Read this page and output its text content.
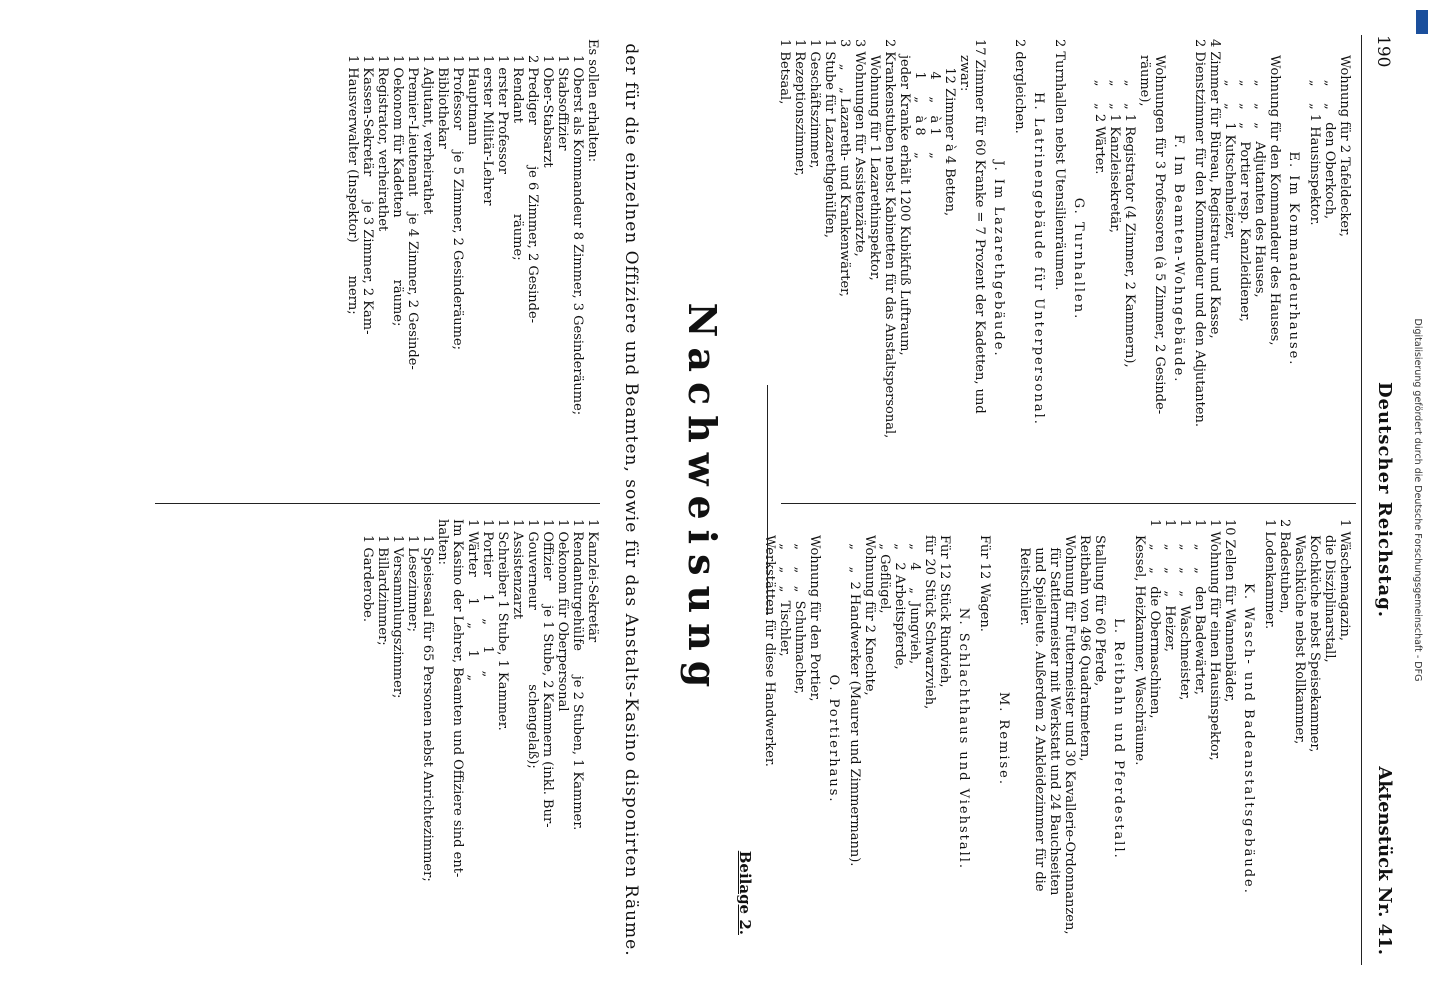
190
Deutscher Reichstag.
Aktenstück Nr. 41.
Wohnung für 2 Tafeldecker,
„    „   den Oberkoch,
„    „ 1 Hausinspektor.
E. Im Kommandeurhause.
Wohnung für den Kommandeur des Hauses,
„    „   „   Adjutanten des Hauses,
„    „   „   Portier resp. Kanzleidiener,
„    „   1 Kutschenheizer,
4 Zimmer für Büreau, Registratur und Kasse,
2 Dienstzimmer für den Kommandeur und den Adjutanten.
F. Im Beamten-Wohngebäude.
Wohnungen für 3 Professoren (à 5 Zimmer, 2 Gesinde-
räume),
„    „ 1 Registrator (4 Zimmer, 2 Kammern),
„    „ 1 Kanzleisekretär,
„    „ 2 Wärter.
G. Turnhallen.
2 Turnhallen nebst Utensilienräumen.
H. Latrinengebäude für Unterpersonal.
2 dergleichen.
J. Im Lazarethgebäude.
17 Zimmer für 60 Kranke = 7 Prozent der Kadetten, und
zwar:
12 Zimmer à 4 Betten,
4    „   à 1    „
1    „   à 8    „
jeder Kranke erhält 1200 Kubikfuß Luftraum,
2 Krankenstuben nebst Kabinetten für das Anstaltspersonal,
Wohnung für 1 Lazarethinspektor,
3 Wohnungen für Assistenzärzte,
3    „    „ Lazareth- und Krankenwärter,
1 Stube für Lazarethgehülfen,
1 Geschäftszimmer,
1 Rezeptionszimmer,
1 Betsaal,
1 Wäschemagazin,
die Disziplinarstall,
Kochküche nebst Speisekammer,
Waschküche nebst Rollkammer,
2 Badestuben,
1 Lodenkammer.
K. Wasch- und Badeanstaltsgebäude.
10 Zellen für Wannenbäder,
1 Wohnung für einen Hausinspektor,
1    „    „   den Badewärter,
1    „    „    „  Waschmeister,
1    „    „    „  Heizer,
1    „    „   die Obermaschinen,
Kessel, Heizkammer, Waschräume.
L. Reitbahn und Pferdestall.
Stallung für 60 Pferde,
Reitbahn von 496 Quadratmetern,
Wohnung für Futtermeister und 30 Kavallerie-Ordonnanzen,
für Sattlermeister mit Werkstatt und 24 Bauchseiten
und Spielleute. Außerdem 2 Ankleidezimmer für die
Reitschüler.
M. Remise.
Für 12 Wagen.
N. Schlachthaus und Viehstall.
Für 12 Stück Rindvieh,
für 20 Stück Schwarzvieh,
„   4    „  Jungvieh,
„   2 Arbeitspferde,
„ Geflügel,
Wohnung für 2 Knechte,
„    „  2 Handwerker (Maurer und Zimmermann).
O. Portierhaus.
Wohnung für den Portier,
„    „   „  Schuhmacher,
„    „   „  Tischler,
Werkstätten für diese Handwerker.
Beilage 2.
Nachweisung
der für die einzelnen Offiziere und Beamten, sowie für das Anstalts-Kasino disponirten Räume.
Es sollen erhalten:
1 Oberst als Kommandeur 8 Zimmer, 3 Gesinderäume;
1 Stabsoffizier
1 Ober-Stabsarzt
2 Prediger          je 6 Zimmer, 2 Gesinde-
1 Rendant                      räume;
1 erster Professor
1 erster Militär-Lehrer
1 Hauptmann
1 Professor     je 5 Zimmer, 2 Gesinderäume;
1 Bibliothekar
1 Adjutant, verheirathet
1 Premier-Lieutenant    je 4 Zimmer, 2 Gesinde-
1 Oekonom für Kadetten               räume;
1 Registrator, verheirathet
1 Kassen-Sekretär      je 3 Zimmer, 2 Kam-
1 Hausverwalter (Inspektor)        mern;
1 Kanzlei-Sekretär
1 Rendanturgehülfe      je 2 Stuben, 1 Kammer.
1 Oekonom für Oberpersonal
1 Offizier      je 1 Stube, 2 Kammern (inkl. Bur-
1 Gouverneur                  schengelaß);
1 Assistenzarzt
1 Schreiber 1 Stube, 1 Kammer.
1 Portier    1    „     1    „
1 Wärter     1    „     1    „
Im Kasino der Lehrer, Beamten und Offiziere sind ent-
halten:
1 Speisesaal für 65 Personen nebst Anrichtezimmer;
1 Lesezimmer;
1 Versammlungszimmer;
1 Billardzimmer;
1 Garderobe.	Digitalisierung gefördert durch die Deutsche Forschungsgemeinschaft - DFG
